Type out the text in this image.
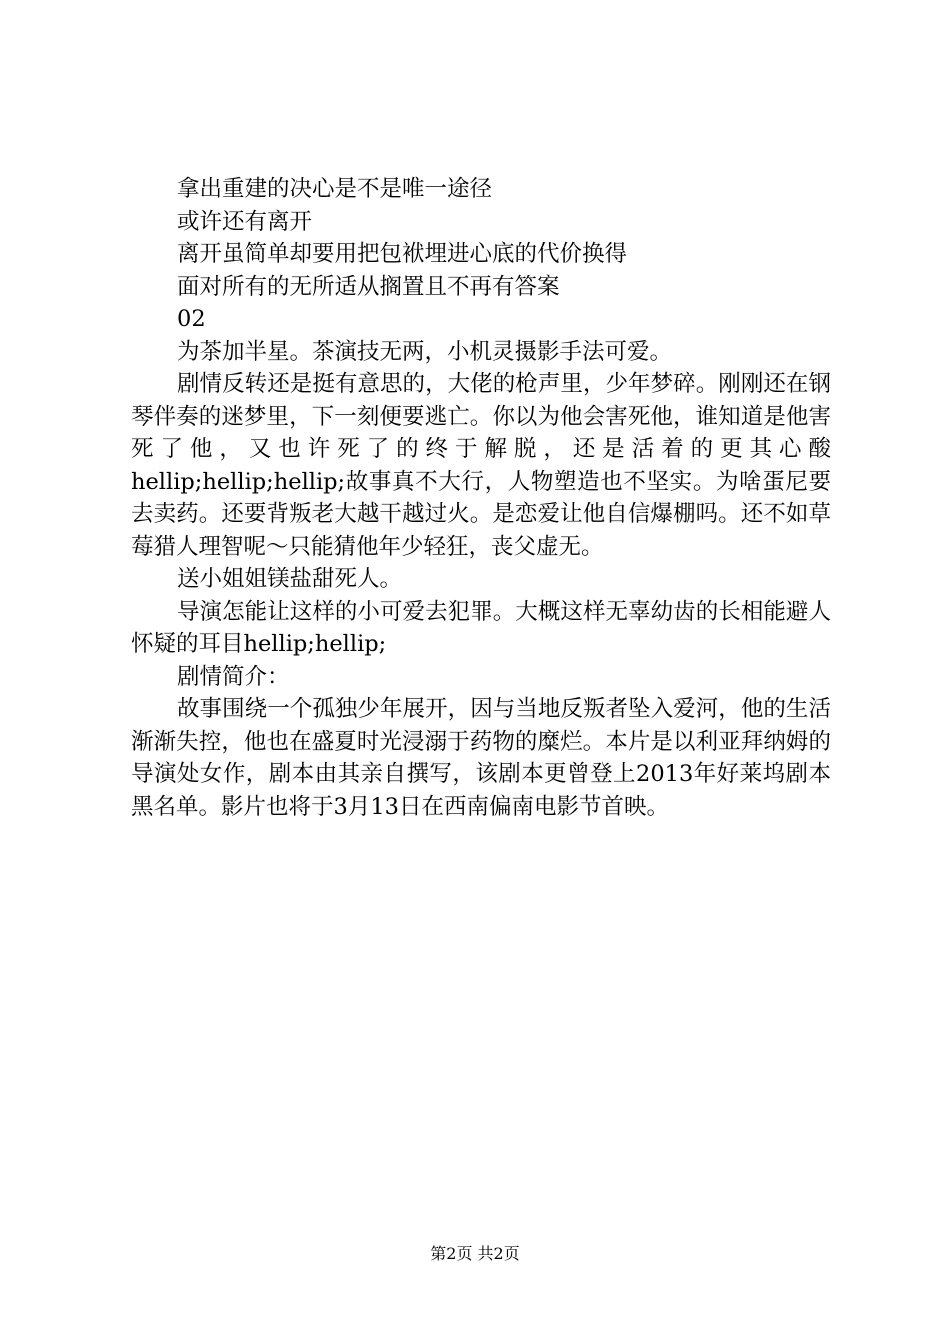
拿出重建的决心是不是唯一途径
或许还有离开
离开虽简单却要用把包袱埋进心底的代价换得
面对所有的无所适从搁置且不再有答案
02
为茶加半星。茶演技无两，小机灵摄影手法可爱。

剧情反转还是挺有意思的，大佬的枪声里，少年梦碎。刚刚还在钢琴伴奏的迷梦里，下一刻便要逃亡。你以为他会害死他，谁知道是他害死了他，又也许死了的终于解脱，还是活着的更其心酸hellip;hellip;hellip;故事真不大行，人物塑造也不坚实。为啥蛋尼要去卖药。还要背叛老大越干越过火。是恋爱让他自信爆棚吗。还不如草莓猎人理智呢～只能猜他年少轻狂，丧父虚无。

送小姐姐镁盐甜死人。

导演怎能让这样的小可爱去犯罪。大概这样无辜幼齿的长相能避人怀疑的耳目hellip;hellip;

剧情简介：

故事围绕一个孤独少年展开，因与当地反叛者坠入爱河，他的生活渐渐失控，他也在盛夏时光浸溺于药物的糜烂。本片是以利亚拜纳姆的导演处女作，剧本由其亲自撰写，该剧本更曾登上2013年好莱坞剧本黑名单。影片也将于3月13日在西南偏南电影节首映。

第2页 共2页
